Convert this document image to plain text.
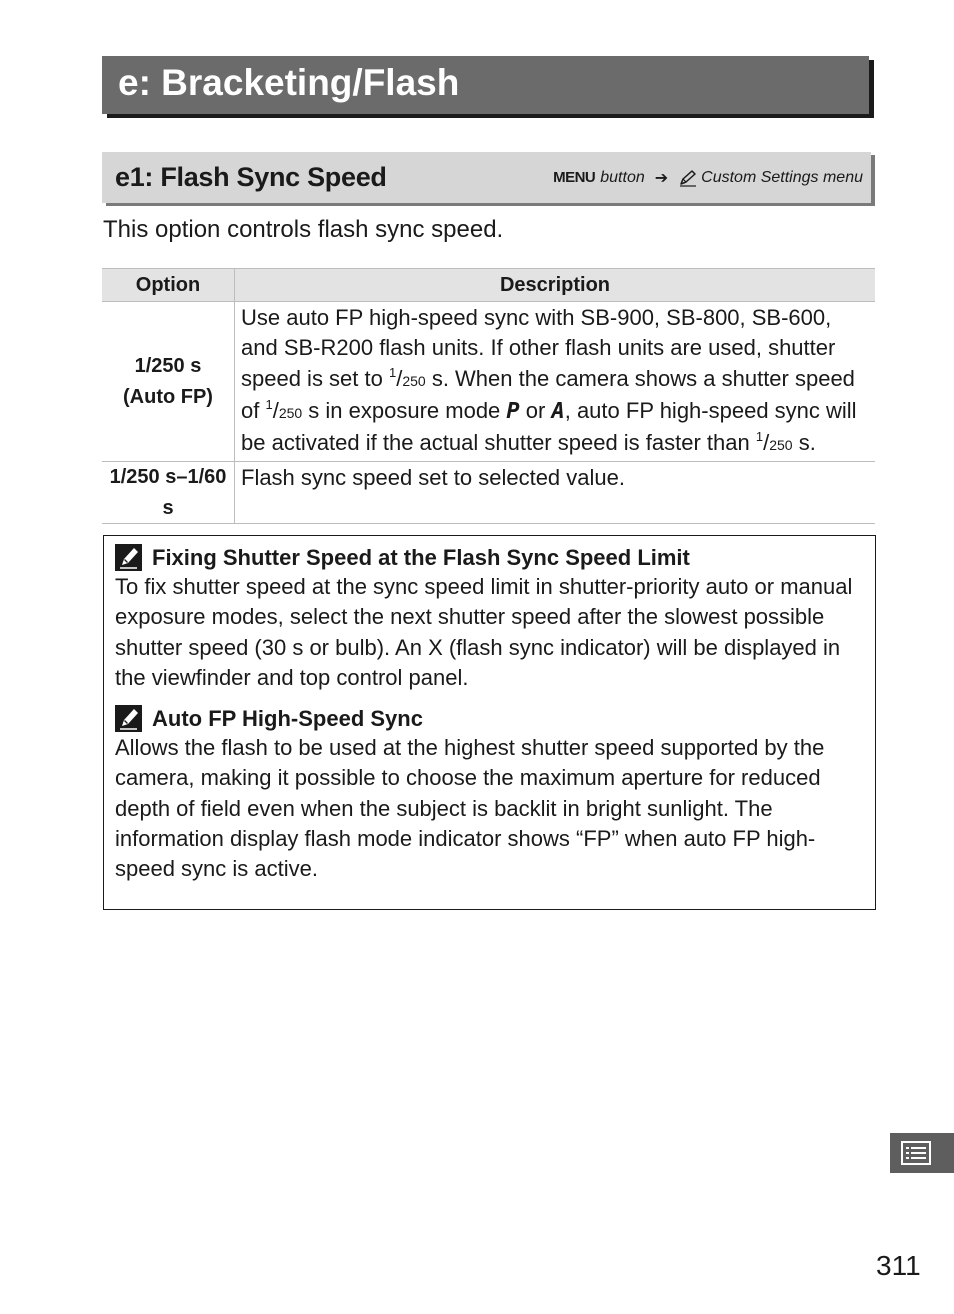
e: Bracketing/Flash
e1: Flash Sync Speed	MENU button ➔ Custom Settings menu

This option controls flash sync speed.

Option	Description

1/250 s
(Auto FP)	Use auto FP high-speed sync with SB-900, SB-800, SB-600, and SB-R200 flash units. If other flash units are used, shutter speed is set to $^1$/250 s. When the camera shows a shutter speed of $^1$/250 s in exposure mode P or A, auto FP high-speed sync will be activated if the actual shutter speed is faster than $^1$/250 s.
1/250 s–1/60 s	Flash sync speed set to selected value.
Fixing Shutter Speed at the Flash Sync Speed Limit

To fix shutter speed at the sync speed limit in shutter-priority auto or manual exposure modes, select the next shutter speed after the slowest possible shutter speed (30 s or bulb). An X (flash sync indicator) will be displayed in the viewfinder and top control panel.

Auto FP High-Speed Sync

Allows the flash to be used at the highest shutter speed supported by the camera, making it possible to choose the maximum aperture for reduced depth of field even when the subject is backlit in bright sunlight. The information display flash mode indicator shows “FP” when auto FP high-speed sync is active.

311
